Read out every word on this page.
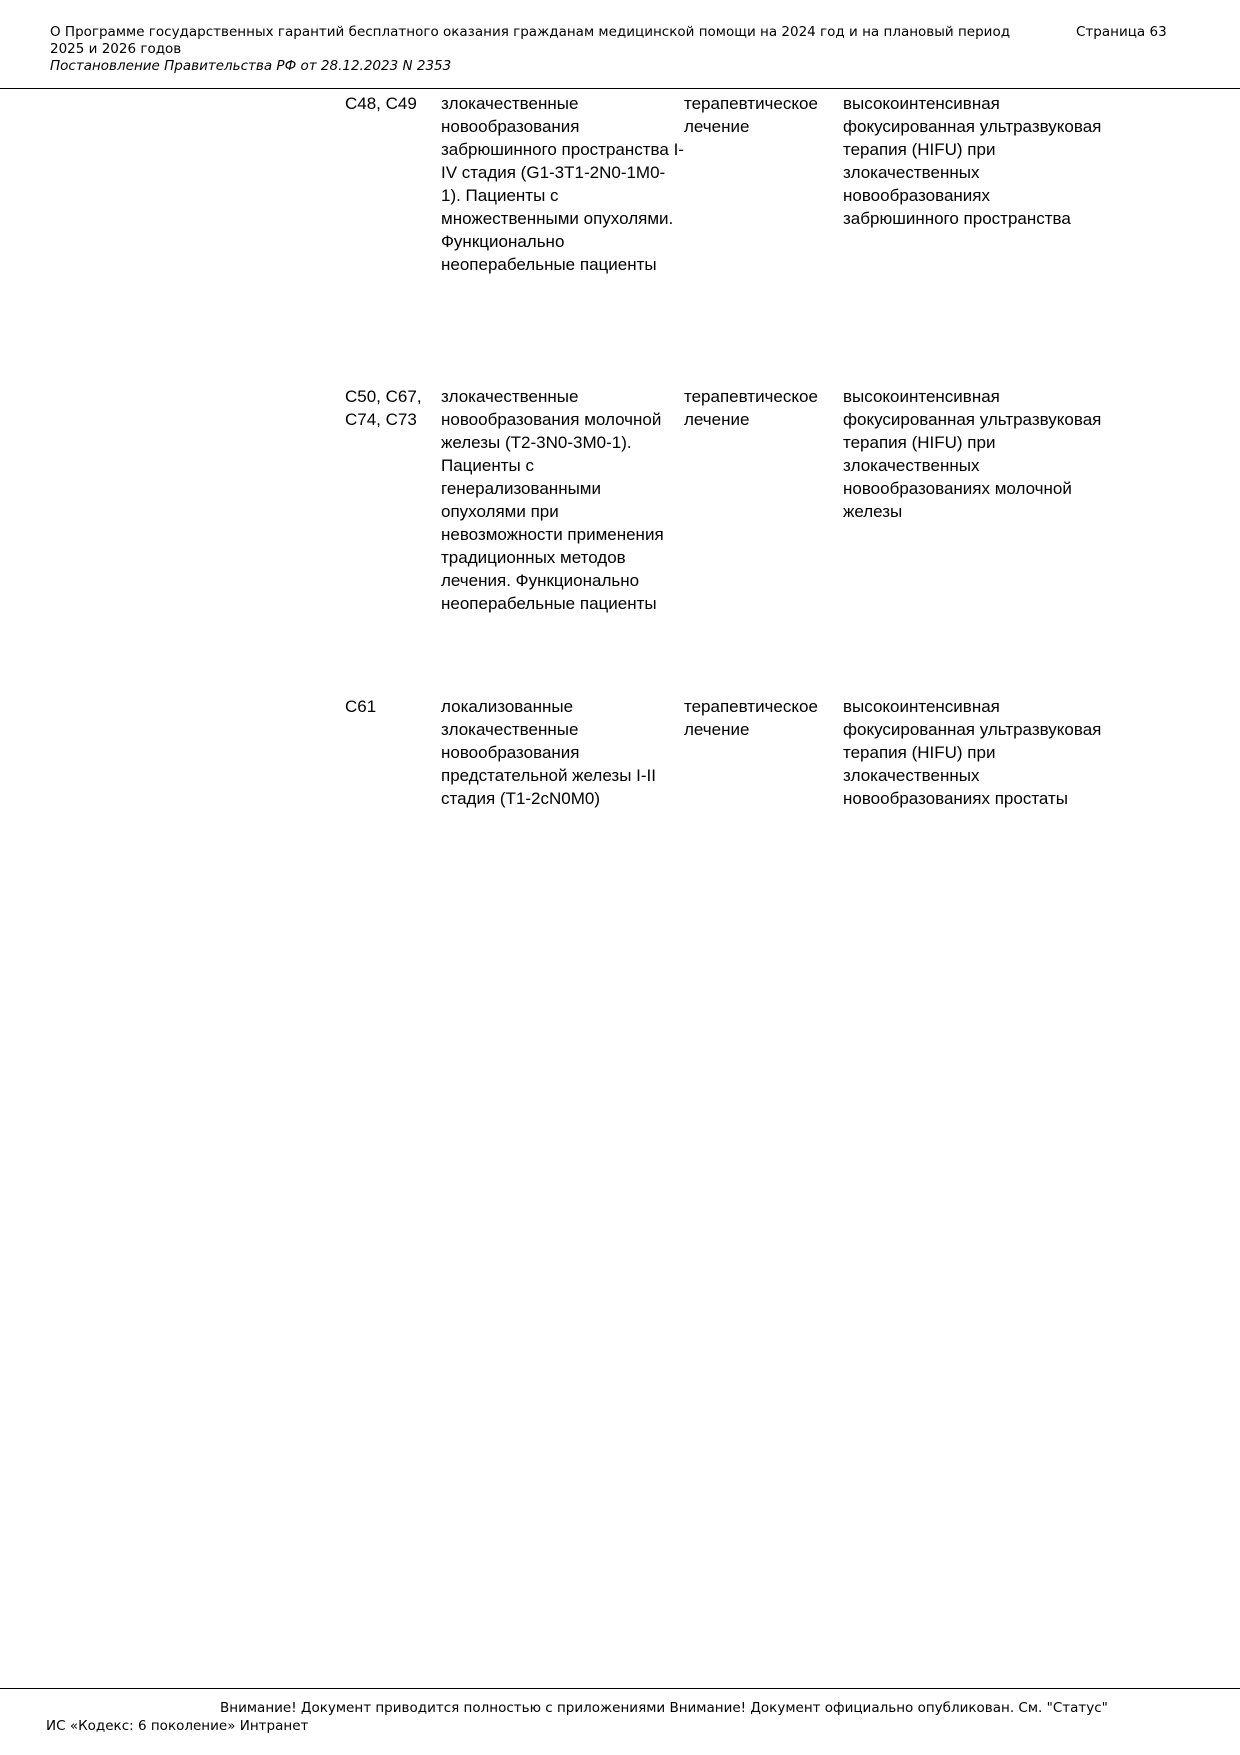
О Программе государственных гарантий бесплатного оказания гражданам медицинской помощи на 2024 год и на плановый период 2025 и 2026 годов
Страница 63
Постановление Правительства РФ от 28.12.2023 N 2353
C48, C49	злокачественные новообразования забрюшинного пространства I-IV стадия (G1-3T1-2N0-1M0-1). Пациенты с множественными опухолями. Функционально неоперабельные пациенты	терапевтическое лечение	высокоинтенсивная фокусированная ультразвуковая терапия (HIFU) при злокачественных новообразованиях забрюшинного пространства
C50, C67, C74, C73	злокачественные новообразования молочной железы (T2-3N0-3M0-1). Пациенты с генерализованными опухолями при невозможности применения традиционных методов лечения. Функционально неоперабельные пациенты	терапевтическое лечение	высокоинтенсивная фокусированная ультразвуковая терапия (HIFU) при злокачественных новообразованиях молочной железы
C61	локализованные злокачественные новообразования предстательной железы I-II стадия (T1-2cN0M0)	терапевтическое лечение	высокоинтенсивная фокусированная ультразвуковая терапия (HIFU) при злокачественных новообразованиях простаты
Внимание! Документ приводится полностью с приложениями Внимание! Документ официально опубликован. См. "Статус"
ИС «Кодекс: 6 поколение» Интранет
